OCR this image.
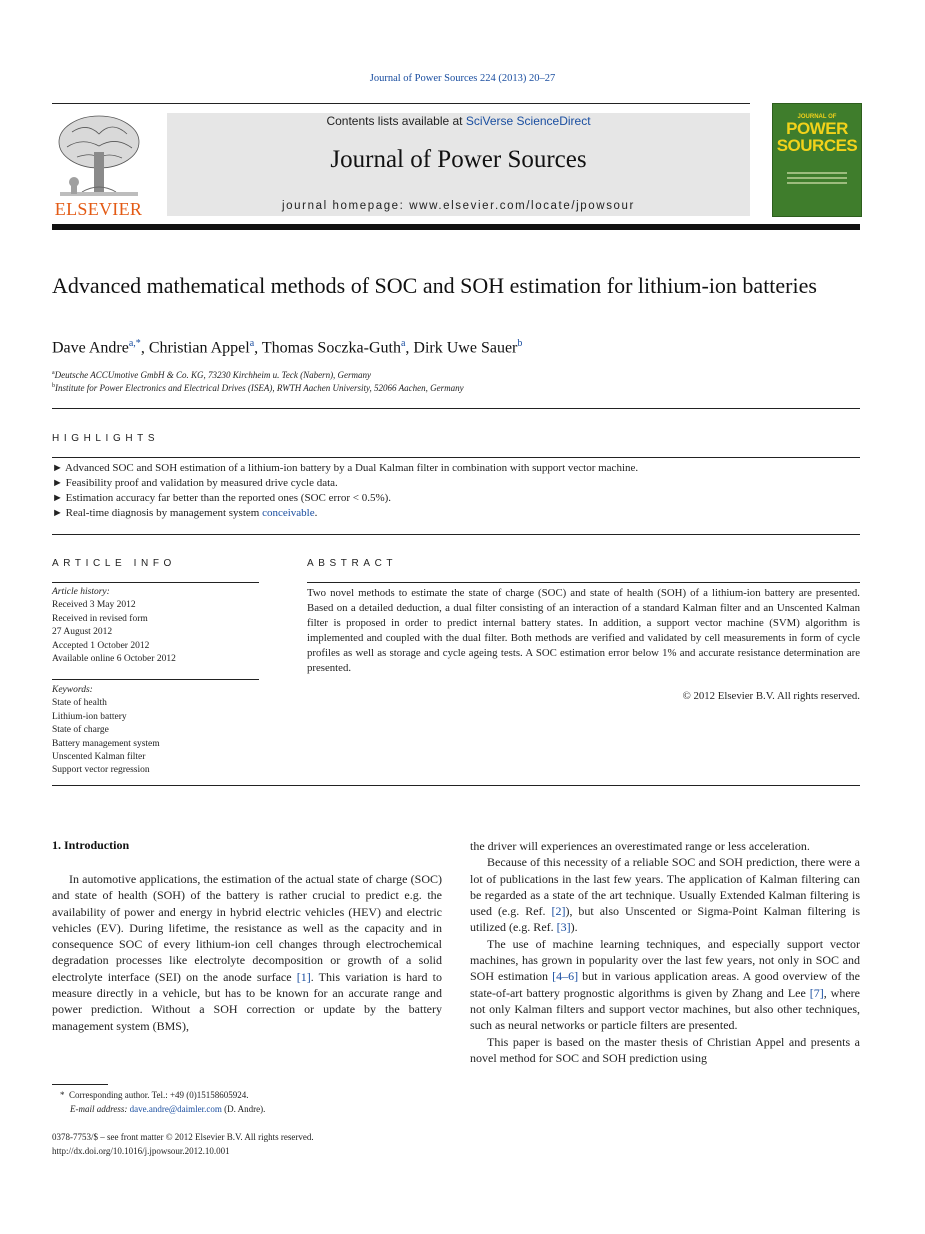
Journal of Power Sources 224 (2013) 20–27
ELSEVIER
Contents lists available at SciVerse ScienceDirect
Journal of Power Sources
journal homepage: www.elsevier.com/locate/jpowsour
JOURNAL OF
POWER
SOURCES
Advanced mathematical methods of SOC and SOH estimation for lithium-ion batteries
Dave Andre$^{a,*}$, Christian Appel$^a$, Thomas Soczka-Guth$^a$, Dirk Uwe Sauer$^b$
$^a$Deutsche ACCUmotive GmbH & Co. KG, 73230 Kirchheim u. Teck (Nabern), Germany
$^b$Institute for Power Electronics and Electrical Drives (ISEA), RWTH Aachen University, 52066 Aachen, Germany
HIGHLIGHTS
► Advanced SOC and SOH estimation of a lithium-ion battery by a Dual Kalman filter in combination with support vector machine.
► Feasibility proof and validation by measured drive cycle data.
► Estimation accuracy far better than the reported ones (SOC error < 0.5%).
► Real-time diagnosis by management system conceivable.
ARTICLE INFO
Article history:
Received 3 May 2012
Received in revised form
27 August 2012
Accepted 1 October 2012
Available online 6 October 2012
Keywords:
State of health
Lithium-ion battery
State of charge
Battery management system
Unscented Kalman filter
Support vector regression
ABSTRACT
Two novel methods to estimate the state of charge (SOC) and state of health (SOH) of a lithium-ion battery are presented. Based on a detailed deduction, a dual filter consisting of an interaction of a standard Kalman filter and an Unscented Kalman filter is proposed in order to predict internal battery states. In addition, a support vector machine (SVM) algorithm is implemented and coupled with the dual filter. Both methods are verified and validated by cell measurements in form of cycle profiles as well as storage and cycle ageing tests. A SOC estimation error below 1% and accurate resistance determination are presented.
© 2012 Elsevier B.V. All rights reserved.
1. Introduction

In automotive applications, the estimation of the actual state of charge (SOC) and state of health (SOH) of the battery is rather crucial to predict e.g. the availability of power and energy in hybrid electric vehicles (HEV) and electric vehicles (EV). During lifetime, the resistance as well as the capacity and in consequence SOC of every lithium-ion cell changes through electrochemical degradation processes like electrolyte decomposition or growth of a solid electrolyte interface (SEI) on the anode surface [1]. This variation is hard to measure directly in a vehicle, but has to be known for an accurate range and power prediction. Without a SOH correction or update by the battery management system (BMS),

the driver will experiences an overestimated range or less acceleration.

Because of this necessity of a reliable SOC and SOH prediction, there were a lot of publications in the last few years. The application of Kalman filtering can be regarded as a state of the art technique. Usually Extended Kalman filtering is used (e.g. Ref. [2]), but also Unscented or Sigma-Point Kalman filtering is utilized (e.g. Ref. [3]).

The use of machine learning techniques, and especially support vector machines, has grown in popularity over the last few years, not only in SOC and SOH estimation [4–6] but in various application areas. A good overview of the state-of-art battery prognostic algorithms is given by Zhang and Lee [7], where not only Kalman filters and support vector machines, but also other techniques, such as neural networks or particle filters are presented.

This paper is based on the master thesis of Christian Appel and presents a novel method for SOC and SOH prediction using

* Corresponding author. Tel.: +49 (0)15158605924.
E-mail address: dave.andre@daimler.com (D. Andre).
0378-7753/$ – see front matter © 2012 Elsevier B.V. All rights reserved.
http://dx.doi.org/10.1016/j.jpowsour.2012.10.001
